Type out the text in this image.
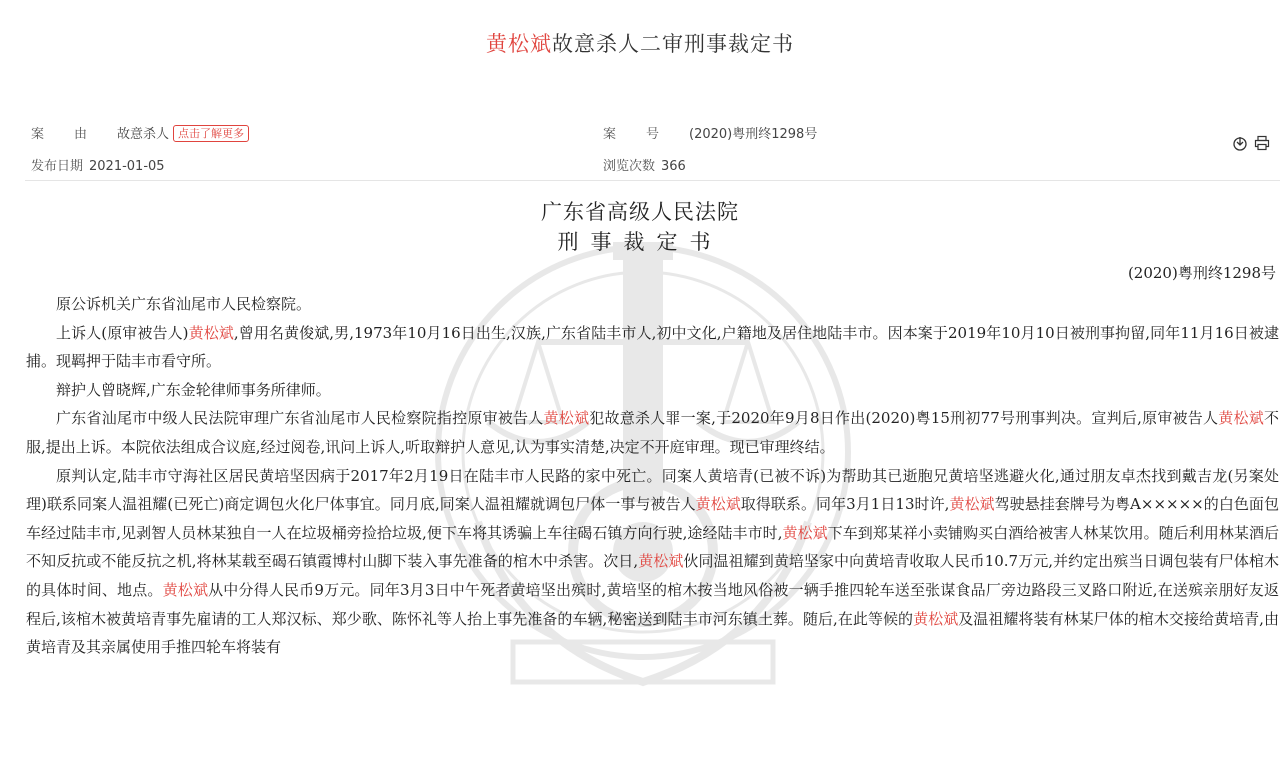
黄松斌故意杀人二审刑事裁定书
案由故意杀人 点击了解更多	案号(2020)粤刑终1298号
发布日期 2021-01-05	浏览次数 366
广东省高级人民法院
刑事裁定书
(2020)粤刑终1298号

原公诉机关广东省汕尾市人民检察院。

上诉人(原审被告人)黄松斌,曾用名黄俊斌,男,1973年10月16日出生,汉族,广东省陆丰市人,初中文化,户籍地及居住地陆丰市。因本案于2019年10月10日被刑事拘留,同年11月16日被逮捕。现羁押于陆丰市看守所。

辩护人曾晓辉,广东金轮律师事务所律师。

广东省汕尾市中级人民法院审理广东省汕尾市人民检察院指控原审被告人黄松斌犯故意杀人罪一案,于2020年9月8日作出(2020)粤15刑初77号刑事判决。宣判后,原审被告人黄松斌不服,提出上诉。本院依法组成合议庭,经过阅卷,讯问上诉人,听取辩护人意见,认为事实清楚,决定不开庭审理。现已审理终结。

原判认定,陆丰市守海社区居民黄培坚因病于2017年2月19日在陆丰市人民路的家中死亡。同案人黄培青(已被不诉)为帮助其已逝胞兄黄培坚逃避火化,通过朋友卓杰找到戴吉龙(另案处理)联系同案人温祖耀(已死亡)商定调包火化尸体事宜。同月底,同案人温祖耀就调包尸体一事与被告人黄松斌取得联系。同年3月1日13时许,黄松斌驾驶悬挂套牌号为粤A×××××的白色面包车经过陆丰市,见剥智人员林某独自一人在垃圾桶旁捡拾垃圾,便下车将其诱骗上车往碣石镇方向行驶,途经陆丰市时,黄松斌下车到郑某祥小卖铺购买白酒给被害人林某饮用。随后利用林某酒后不知反抗或不能反抗之机,将林某载至碣石镇霞博村山脚下装入事先准备的棺木中杀害。次日,黄松斌伙同温祖耀到黄培坚家中向黄培青收取人民币10.7万元,并约定出殡当日调包装有尸体棺木的具体时间、地点。黄松斌从中分得人民币9万元。同年3月3日中午死者黄培坚出殡时,黄培坚的棺木按当地风俗被一辆手推四轮车送至张谋食品厂旁边路段三叉路口附近,在送殡亲朋好友返程后,该棺木被黄培青事先雇请的工人郑汉标、郑少歌、陈怀礼等人抬上事先准备的车辆,秘密送到陆丰市河东镇土葬。随后,在此等候的黄松斌及温祖耀将装有林某尸体的棺木交接给黄培青,由黄培青及其亲属使用手推四轮车将装有
